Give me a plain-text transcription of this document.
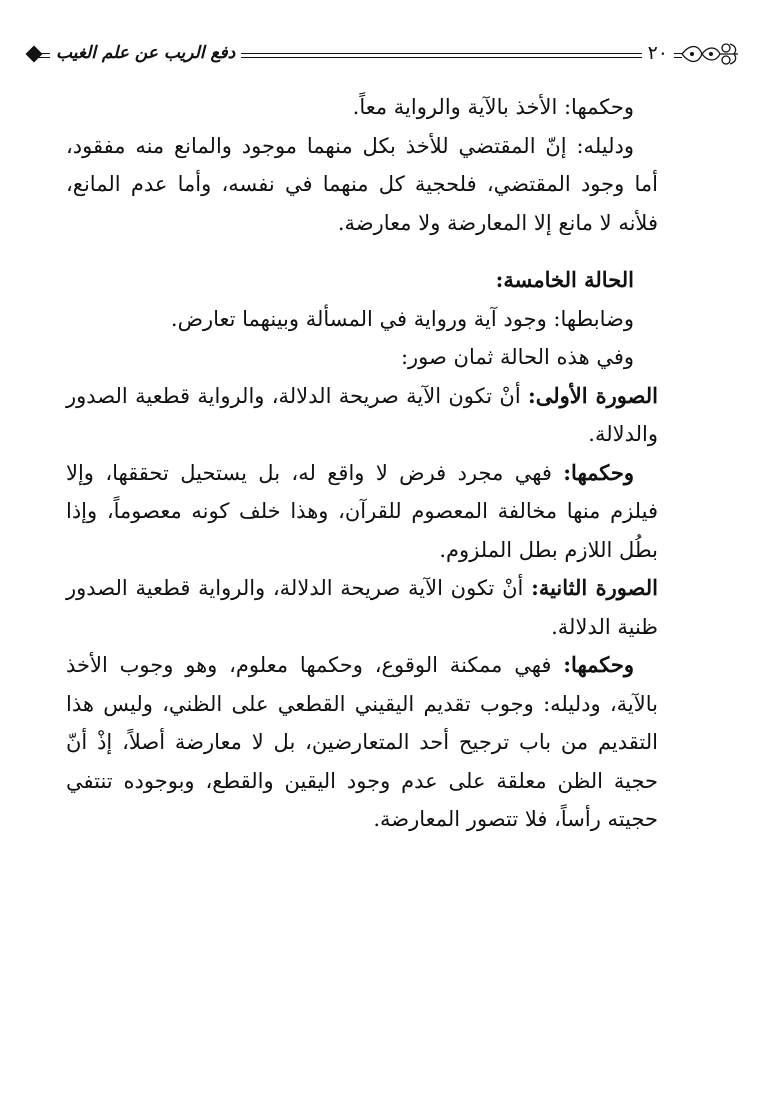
دفع الريب عن علم الغيب	٢٠

وحكمها: الأخذ بالآية والرواية معاً.

ودليله: إنّ المقتضي للأخذ بكل منهما موجود والمانع منه مفقود، أما وجود المقتضي، فلحجية كل منهما في نفسه، وأما عدم المانع، فلأنه لا مانع إلا المعارضة ولا معارضة.

الحالة الخامسة:

وضابطها: وجود آية ورواية في المسألة وبينهما تعارض.

وفي هذه الحالة ثمان صور:

الصورة الأولى: أنْ تكون الآية صريحة الدلالة، والرواية قطعية الصدور والدلالة.

وحكمها: فهي مجرد فرض لا واقع له، بل يستحيل تحققها، وإلا فيلزم منها مخالفة المعصوم للقرآن، وهذا خلف كونه معصوماً، وإذا بطُل اللازم بطل الملزوم.

الصورة الثانية: أنْ تكون الآية صريحة الدلالة، والرواية قطعية الصدور ظنية الدلالة.

وحكمها: فهي ممكنة الوقوع، وحكمها معلوم، وهو وجوب الأخذ بالآية، ودليله: وجوب تقديم اليقيني القطعي على الظني، وليس هذا التقديم من باب ترجيح أحد المتعارضين، بل لا معارضة أصلاً، إذْ أنّ حجية الظن معلقة على عدم وجود اليقين والقطع، وبوجوده تنتفي حجيته رأساً، فلا تتصور المعارضة.
